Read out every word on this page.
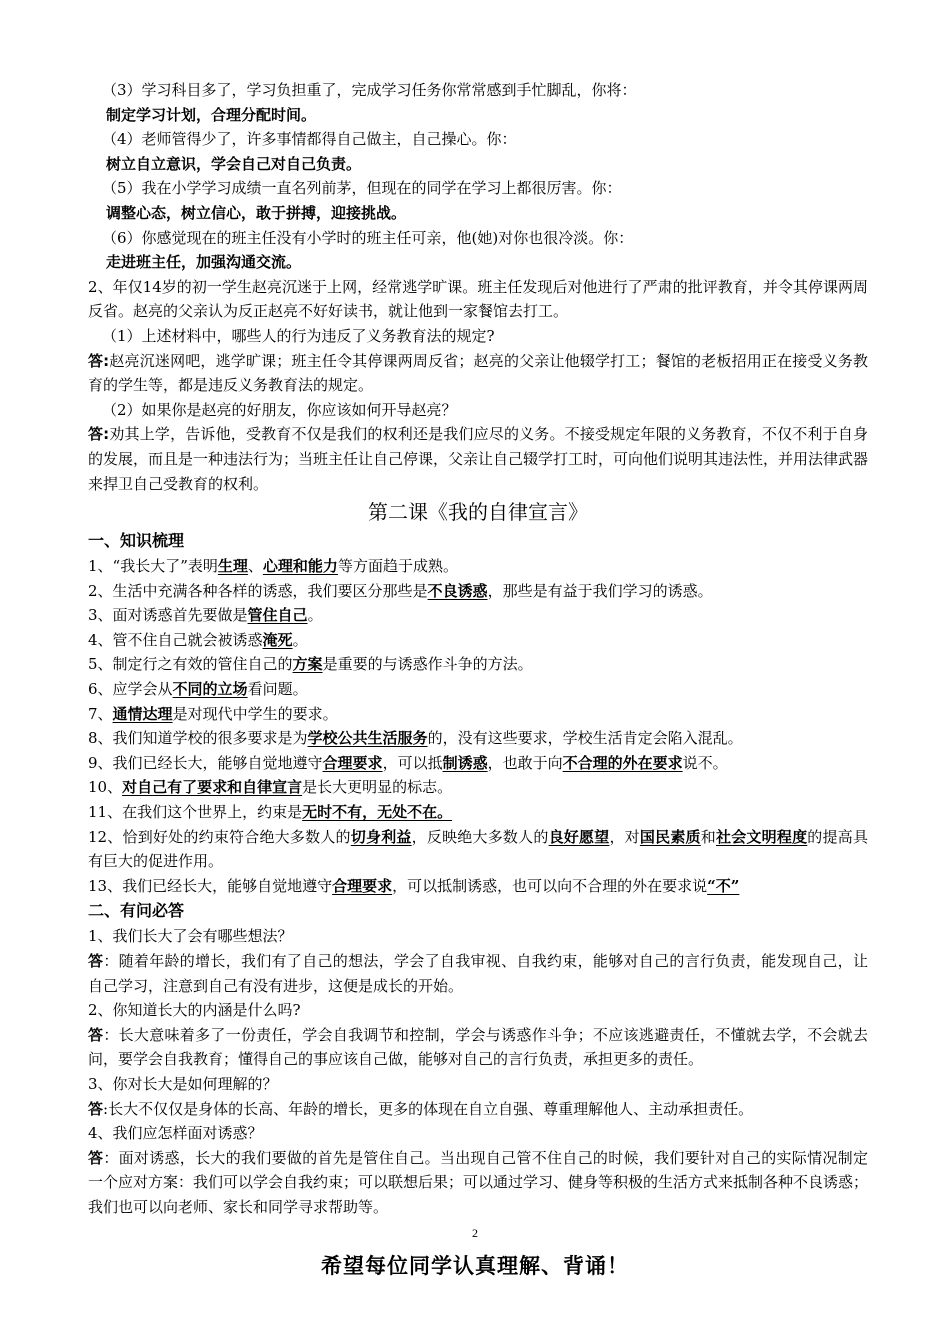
（3）学习科目多了，学习负担重了，完成学习任务你常常感到手忙脚乱，你将：
制定学习计划，合理分配时间。
（4）老师管得少了，许多事情都得自己做主，自己操心。你：
树立自立意识，学会自己对自己负责。
（5）我在小学学习成绩一直名列前茅，但现在的同学在学习上都很厉害。你：
调整心态，树立信心，敢于拼搏，迎接挑战。
（6）你感觉现在的班主任没有小学时的班主任可亲，他(她)对你也很冷淡。你：
走进班主任，加强沟通交流。
2、年仅14岁的初一学生赵亮沉迷于上网，经常逃学旷课。班主任发现后对他进行了严肃的批评教育，并令其停课两周反省。赵亮的父亲认为反正赵亮不好好读书，就让他到一家餐馆去打工。
（1）上述材料中，哪些人的行为违反了义务教育法的规定?
答:赵亮沉迷网吧，逃学旷课；班主任令其停课两周反省；赵亮的父亲让他辍学打工；餐馆的老板招用正在接受义务教育的学生等，都是违反义务教育法的规定。
（2）如果你是赵亮的好朋友，你应该如何开导赵亮？
答:劝其上学，告诉他，受教育不仅是我们的权利还是我们应尽的义务。不接受规定年限的义务教育，不仅不利于自身的发展，而且是一种违法行为；当班主任让自己停课，父亲让自己辍学打工时，可向他们说明其违法性，并用法律武器来捍卫自己受教育的权利。
第二课《我的自律宣言》
一、知识梳理
1、“我长大了”表明生理、心理和能力等方面趋于成熟。
2、生活中充满各种各样的诱惑，我们要区分那些是不良诱惑，那些是有益于我们学习的诱惑。
3、面对诱惑首先要做是管住自己。
4、管不住自己就会被诱惑淹死。
5、制定行之有效的管住自己的方案是重要的与诱惑作斗争的方法。
6、应学会从不同的立场看问题。
7、通情达理是对现代中学生的要求。
8、我们知道学校的很多要求是为学校公共生活服务的，没有这些要求，学校生活肯定会陷入混乱。
9、我们已经长大，能够自觉地遵守合理要求，可以抵制诱惑，也敢于向不合理的外在要求说不。
10、对自己有了要求和自律宣言是长大更明显的标志。
11、在我们这个世界上，约束是无时不有，无处不在。
12、恰到好处的约束符合绝大多数人的切身利益，反映绝大多数人的良好愿望，对国民素质和社会文明程度的提高具有巨大的促进作用。
13、我们已经长大，能够自觉地遵守合理要求，可以抵制诱惑，也可以向不合理的外在要求说“不”
二、有问必答
1、我们长大了会有哪些想法？
答：随着年龄的增长，我们有了自己的想法，学会了自我审视、自我约束，能够对自己的言行负责，能发现自己，让自己学习，注意到自己有没有进步，这便是成长的开始。
2、你知道长大的内涵是什么吗?
答：长大意味着多了一份责任，学会自我调节和控制，学会与诱惑作斗争；不应该逃避责任，不懂就去学，不会就去问，要学会自我教育；懂得自己的事应该自己做，能够对自己的言行负责，承担更多的责任。
3、你对长大是如何理解的？
答:长大不仅仅是身体的长高、年龄的增长，更多的体现在自立自强、尊重理解他人、主动承担责任。
4、我们应怎样面对诱惑？
答：面对诱惑，长大的我们要做的首先是管住自己。当出现自己管不住自己的时候，我们要针对自己的实际情况制定一个应对方案：我们可以学会自我约束；可以联想后果；可以通过学习、健身等积极的生活方式来抵制各种不良诱惑；我们也可以向老师、家长和同学寻求帮助等。
2
希望每位同学认真理解、背诵！
